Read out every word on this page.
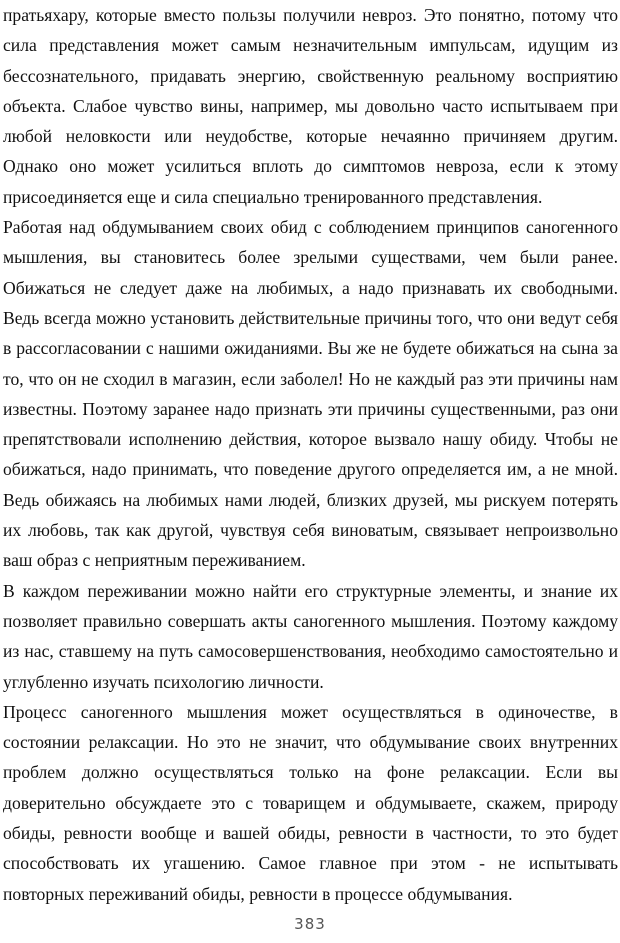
пратьяхару, которые вместо пользы получили невроз. Это понятно, потому что
сила представления может самым незначительным импульсам, идущим из
бессознательного, придавать энергию, свойственную реальному восприятию
объекта. Слабое чувство вины, например, мы довольно часто испытываем при
любой неловкости или неудобстве, которые нечаянно причиняем другим.
Однако оно может усилиться вплоть до симптомов невроза, если к этому
присоединяется еще и сила специально тренированного представления.
Работая над обдумыванием своих обид с соблюдением принципов саногенного
мышления, вы становитесь более зрелыми существами, чем были ранее.
Обижаться не следует даже на любимых, а надо признавать их свободными.
Ведь всегда можно установить действительные причины того, что они ведут себя
в рассогласовании с нашими ожиданиями. Вы же не будете обижаться на сына за
то, что он не сходил в магазин, если заболел! Но не каждый раз эти причины нам
известны. Поэтому заранее надо признать эти причины существенными, раз они
препятствовали исполнению действия, которое вызвало нашу обиду. Чтобы не
обижаться, надо принимать, что поведение другого определяется им, а не мной.
Ведь обижаясь на любимых нами людей, близких друзей, мы рискуем потерять
их любовь, так как другой, чувствуя себя виноватым, связывает непроизвольно
ваш образ с неприятным переживанием.
В каждом переживании можно найти его структурные элементы, и знание их
позволяет правильно совершать акты саногенного мышления. Поэтому каждому
из нас, ставшему на путь самосовершенствования, необходимо самостоятельно и
углубленно изучать психологию личности.
Процесс саногенного мышления может осуществляться в одиночестве, в
состоянии релаксации. Но это не значит, что обдумывание своих внутренних
проблем должно осуществляться только на фоне релаксации. Если вы
доверительно обсуждаете это с товарищем и обдумываете, скажем, природу
обиды, ревности вообще и вашей обиды, ревности в частности, то это будет
способствовать их угашению. Самое главное при этом - не испытывать
повторных переживаний обиды, ревности в процессе обдумывания.
383
